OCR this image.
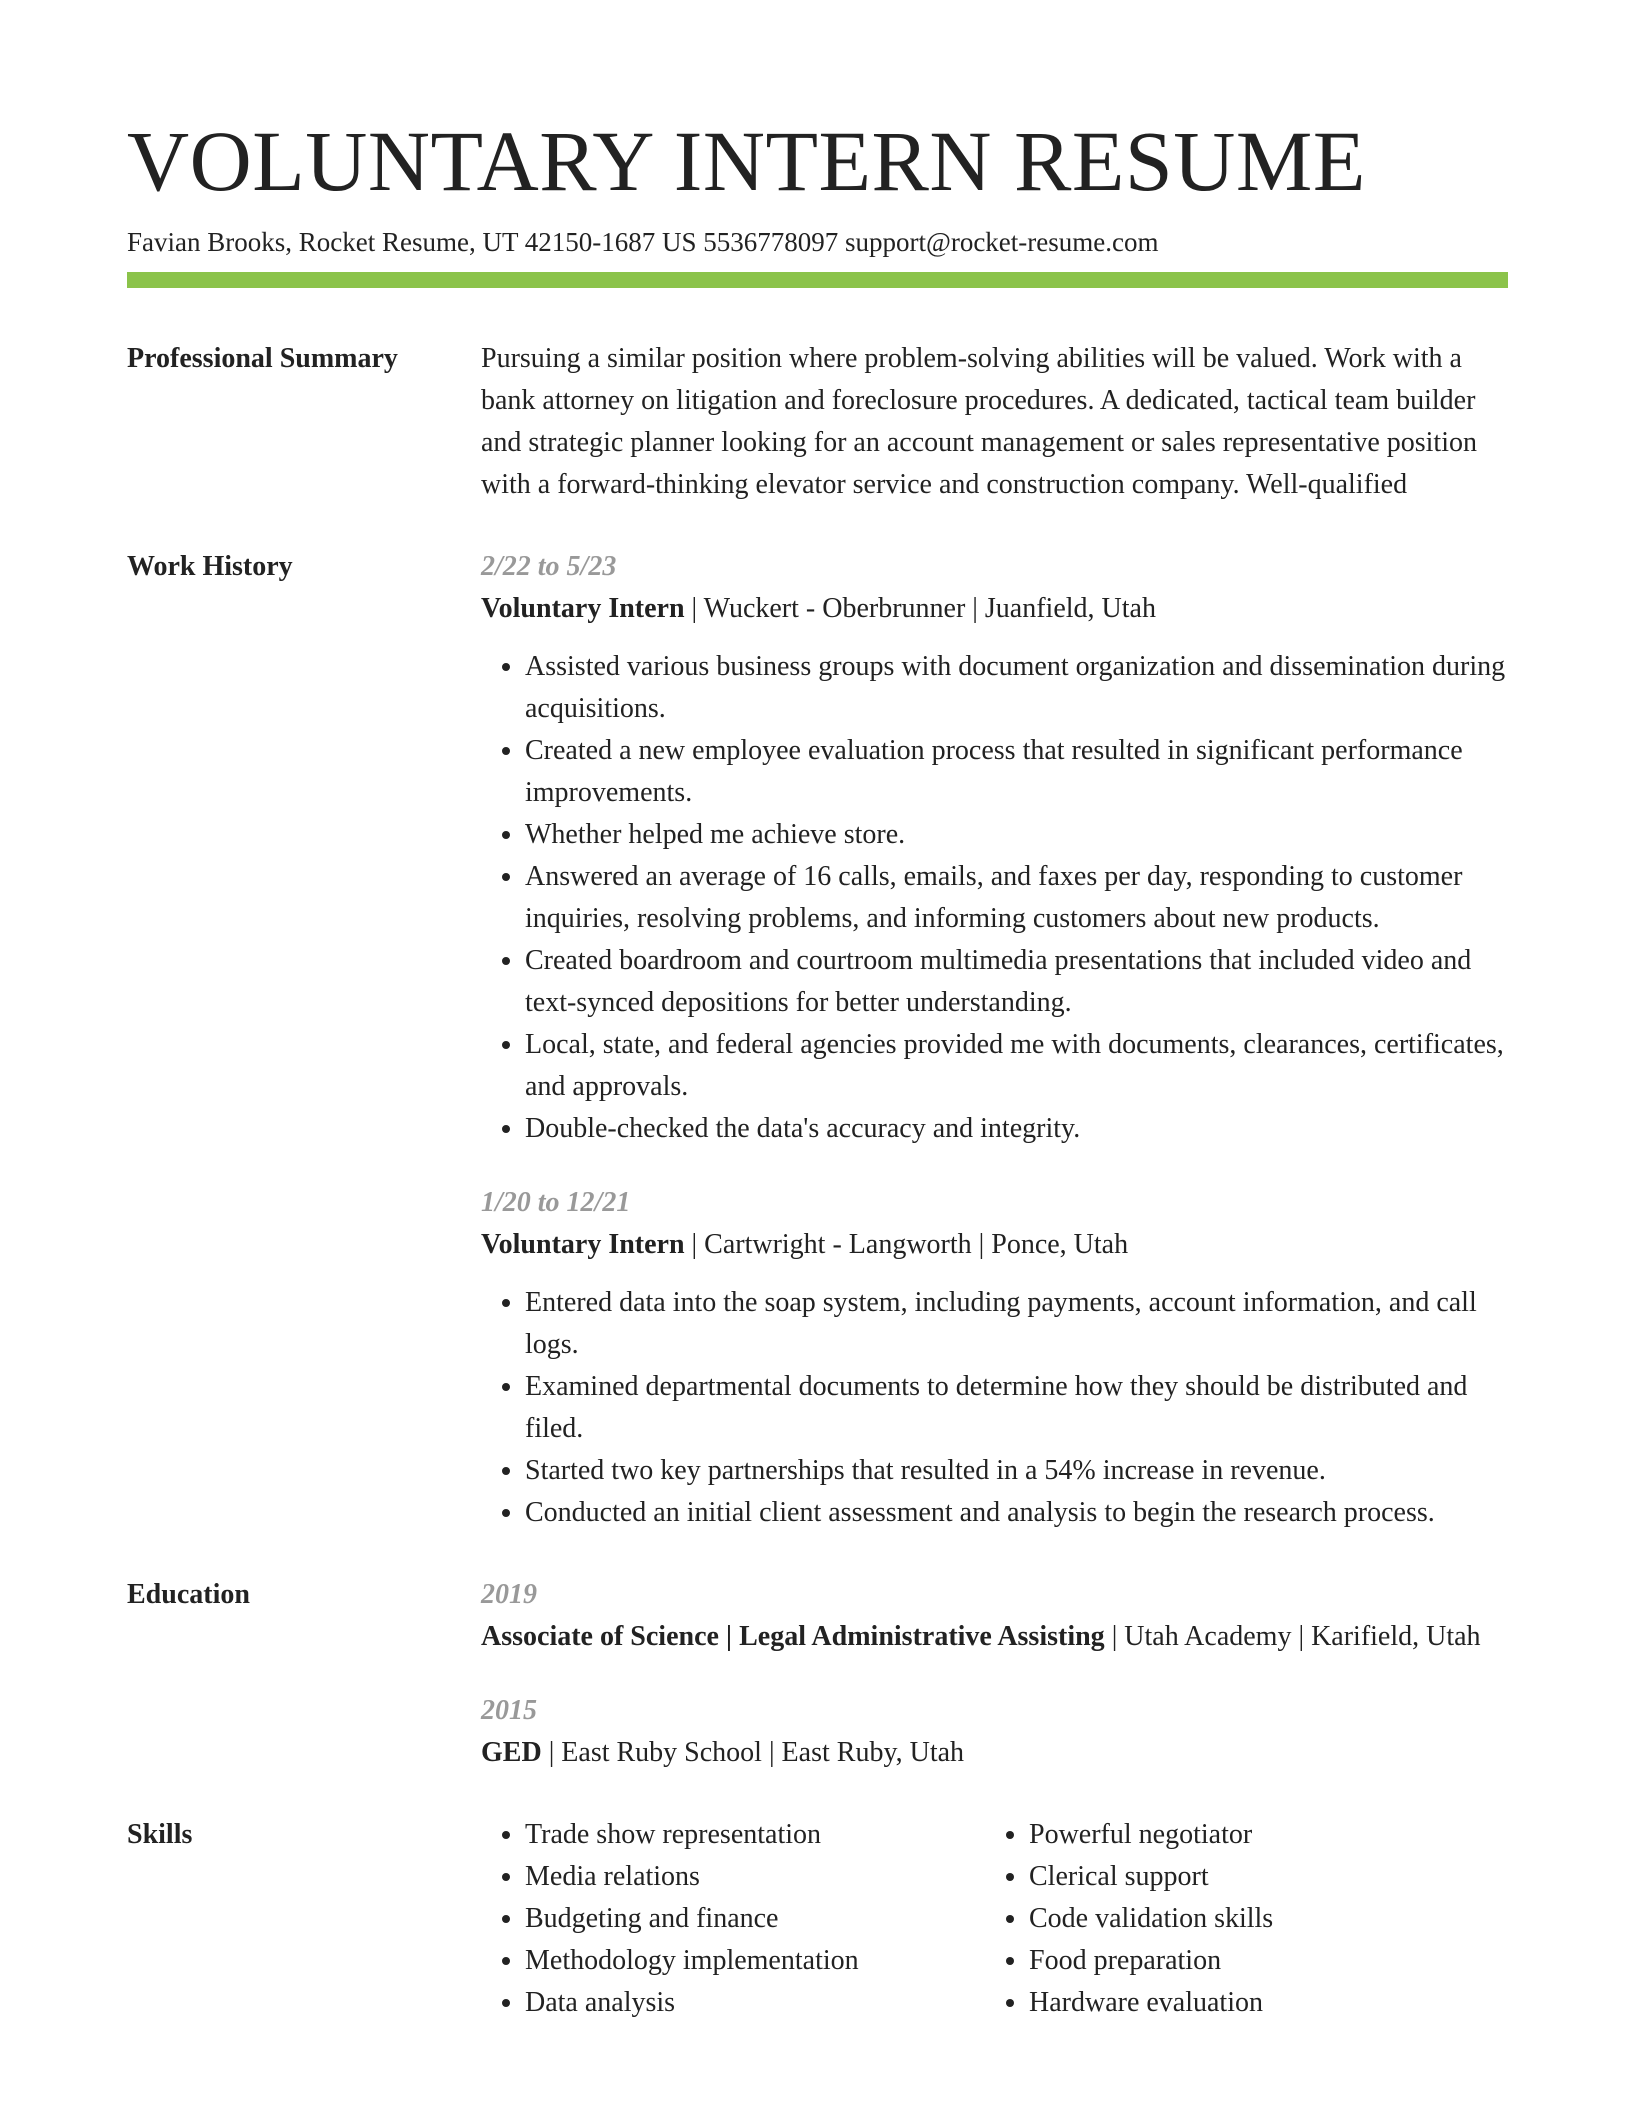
VOLUNTARY INTERN RESUME
Favian Brooks, Rocket Resume, UT 42150-1687 US 5536778097 support@rocket-resume.com
Professional Summary	Pursuing a similar position where problem-solving abilities will be valued. Work with a bank attorney on litigation and foreclosure procedures. A dedicated, tactical team builder and strategic planner looking for an account management or sales representative position with a forward-thinking elevator service and construction company. Well-qualified
Work History	2/22 to 5/23
Voluntary Intern | Wuckert - Oberbrunner | Juanfield, Utah
• Assisted various business groups with document organization and dissemination during acquisitions.
• Created a new employee evaluation process that resulted in significant performance improvements.
• Whether helped me achieve store.
• Answered an average of 16 calls, emails, and faxes per day, responding to customer inquiries, resolving problems, and informing customers about new products.
• Created boardroom and courtroom multimedia presentations that included video and text-synced depositions for better understanding.
• Local, state, and federal agencies provided me with documents, clearances, certificates, and approvals.
• Double-checked the data's accuracy and integrity.
1/20 to 12/21
Voluntary Intern | Cartwright - Langworth | Ponce, Utah
• Entered data into the soap system, including payments, account information, and call logs.
• Examined departmental documents to determine how they should be distributed and filed.
• Started two key partnerships that resulted in a 54% increase in revenue.
• Conducted an initial client assessment and analysis to begin the research process.
Education	2019
Associate of Science | Legal Administrative Assisting | Utah Academy | Karifield, Utah
2015
GED | East Ruby School | East Ruby, Utah
Skills
•	Trade show representation
• Media relations
• Budgeting and finance
• Methodology implementation
• Data analysis
• Powerful negotiator
• Clerical support
• Code validation skills
• Food preparation
• Hardware evaluation
